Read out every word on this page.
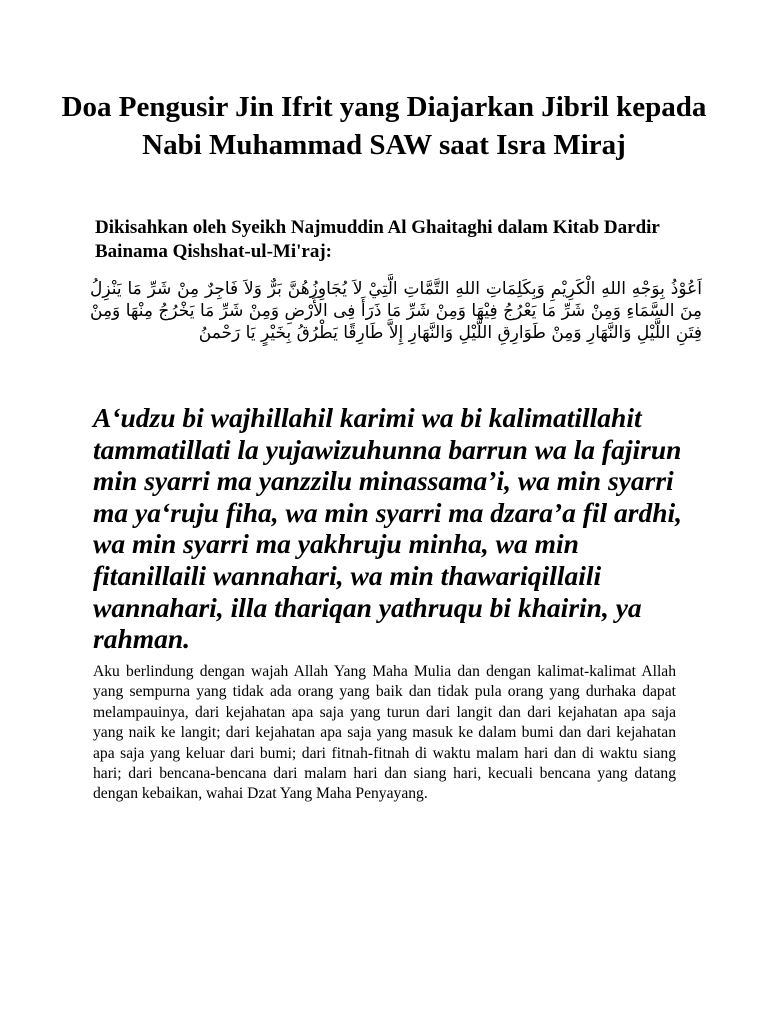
Doa Pengusir Jin Ifrit yang Diajarkan Jibril kepada Nabi Muhammad SAW saat Isra Miraj

Dikisahkan oleh Syeikh Najmuddin Al Ghaitaghi dalam Kitab Dardir Bainama Qishshat-ul-Mi'raj:

اَعُوْذُ بِوَجْهِ اللهِ الْكَرِيْمِ وَبِكَلِمَاتِ اللهِ التَّمَّاتِ الَّتِيْ لاَ يُجَاوِزُهُنَّ بَرٌّ وَلاَ فَاجِرٌ مِنْ شَرِّ مَا يَنْزِلُ مِنَ السَّمَاءِ وَمِنْ شَرِّ مَا يَعْرُجُ فِيْهَا وَمِنْ شَرِّ مَا ذَرَأَ فِى الأَرْضِ وَمِنْ شَرِّ مَا يَخْرُجُ مِنْهَا وَمِنْ فِتَنِ اللَّيْلِ وَالنَّهَارِ وَمِنْ طَوَارِقِ اللَّيْلِ وَالنَّهَارِ إِلاَّ طَارِقًا يَطْرُقُ بِخَيْرٍ يَا رَحْمنُ

A‘udzu bi wajhillahil karimi wa bi kalimatillahit tammatillati la yujawizuhunna barrun wa la fajirun min syarri ma yanzzilu minassama’i, wa min syarri ma ya‘ruju fiha, wa min syarri ma dzara’a fil ardhi, wa min syarri ma yakhruju minha, wa min fitanillaili wannahari, wa min thawariqillaili wannahari, illa thariqan yathruqu bi khairin, ya rahman.

Aku berlindung dengan wajah Allah Yang Maha Mulia dan dengan kalimat-kalimat Allah yang sempurna yang tidak ada orang yang baik dan tidak pula orang yang durhaka dapat melampauinya, dari kejahatan apa saja yang turun dari langit dan dari kejahatan apa saja yang naik ke langit; dari kejahatan apa saja yang masuk ke dalam bumi dan dari kejahatan apa saja yang keluar dari bumi; dari fitnah-fitnah di waktu malam hari dan di waktu siang hari; dari bencana-bencana dari malam hari dan siang hari, kecuali bencana yang datang dengan kebaikan, wahai Dzat Yang Maha Penyayang.
